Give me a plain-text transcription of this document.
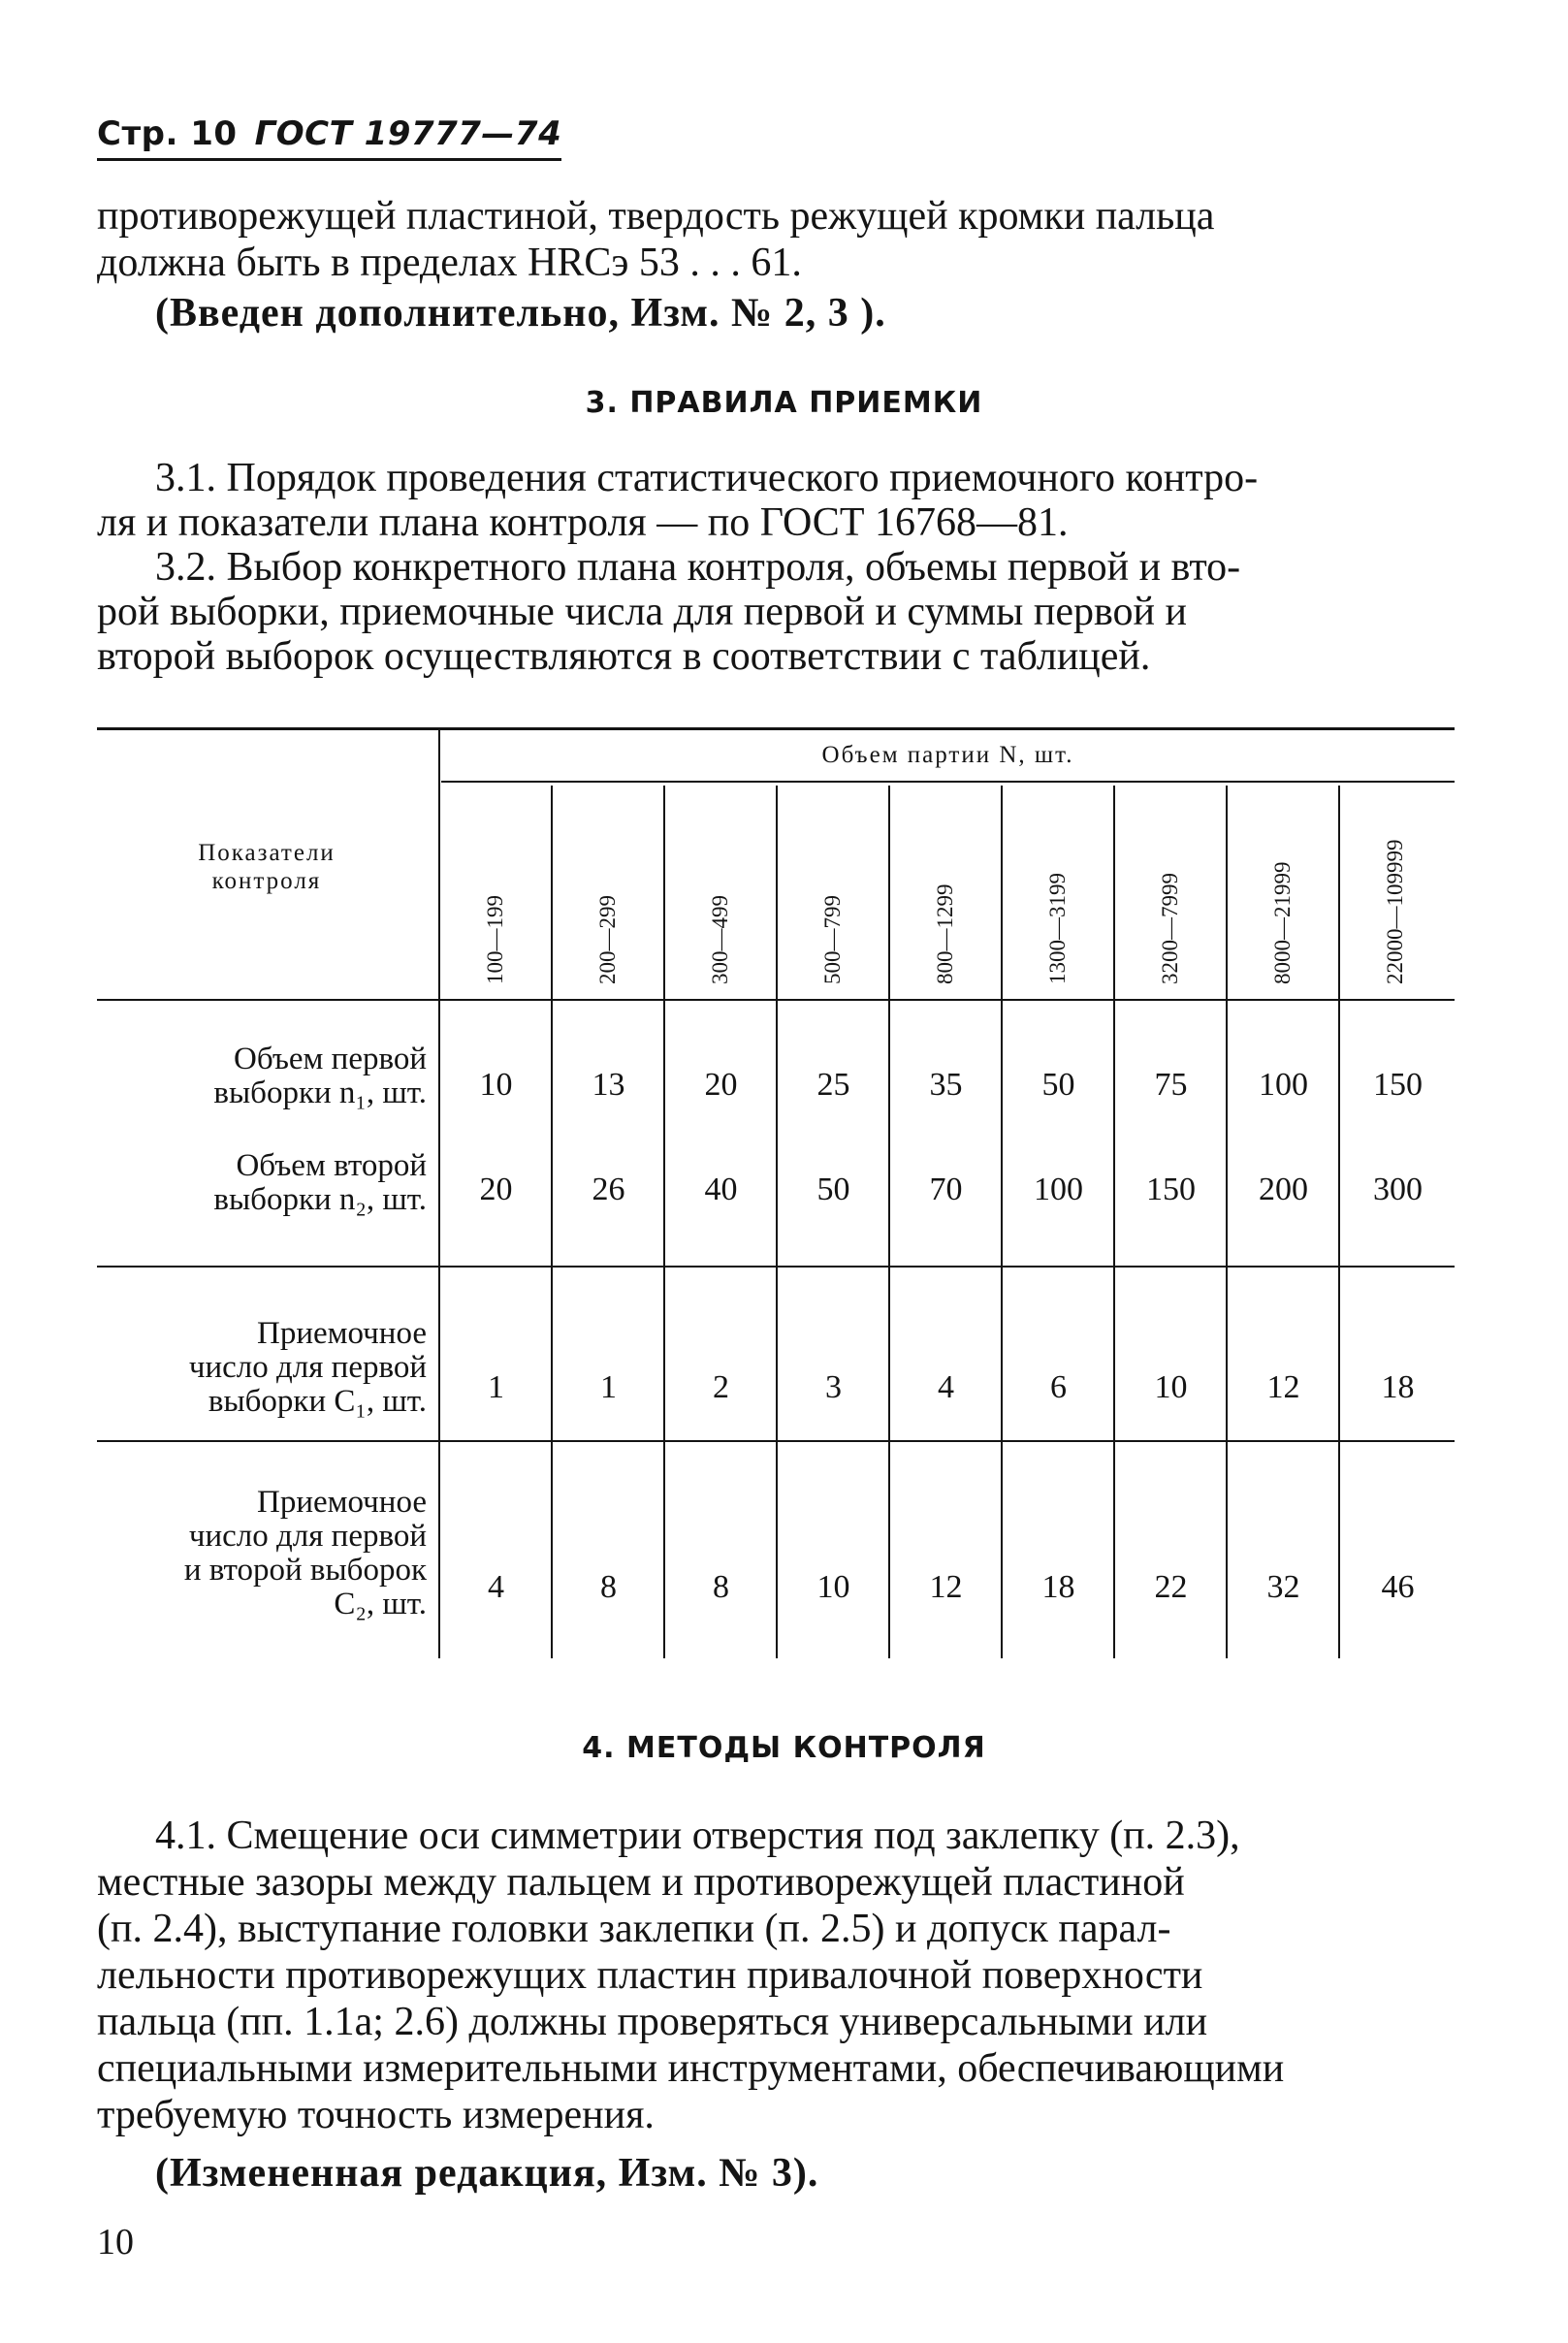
Стр. 10 ГОСТ 19777—74
противорежущей пластиной, твердость режущей кромки пальца
должна быть в пределах HRCэ 53 . . . 61.
(Введен дополнительно, Изм. № 2, 3 ).
3. ПРАВИЛА ПРИЕМКИ
3.1. Порядок проведения статистического приемочного контро-
ля и показатели плана контроля — по ГОСТ 16768—81.
3.2. Выбор конкретного плана контроля, объемы первой и вто-
рой выборки, приемочные числа для первой и суммы первой и
второй выборок осуществляются в соответствии с таблицей.
Показатели
контроля
Объем партии N, шт.
100—199	200—299	300—499	500—799	800—1299	1300—3199	3200—7999	8000—21999	22000—109999
Объем первой
выборки n₁, шт.	10	13	20	25	35	50	75	100	150
Объем второй
выборки n₂, шт.	20	26	40	50	70	100	150	200	300
Приемочное
число для первой
выборки C₁, шт.	1	1	2	3	4	6	10	12	18
Приемочное
число для первой
и второй выборок
C₂, шт.	4	8	8	10	12	18	22	32	46
4. МЕТОДЫ КОНТРОЛЯ
4.1. Смещение оси симметрии отверстия под заклепку (п. 2.3),
местные зазоры между пальцем и противорежущей пластиной
(п. 2.4), выступание головки заклепки (п. 2.5) и допуск парал-
лельности противорежущих пластин привалочной поверхности
пальца (пп. 1.1а; 2.6) должны проверяться универсальными или
специальными измерительными инструментами, обеспечивающими
требуемую точность измерения.
(Измененная редакция, Изм. № 3).
10
